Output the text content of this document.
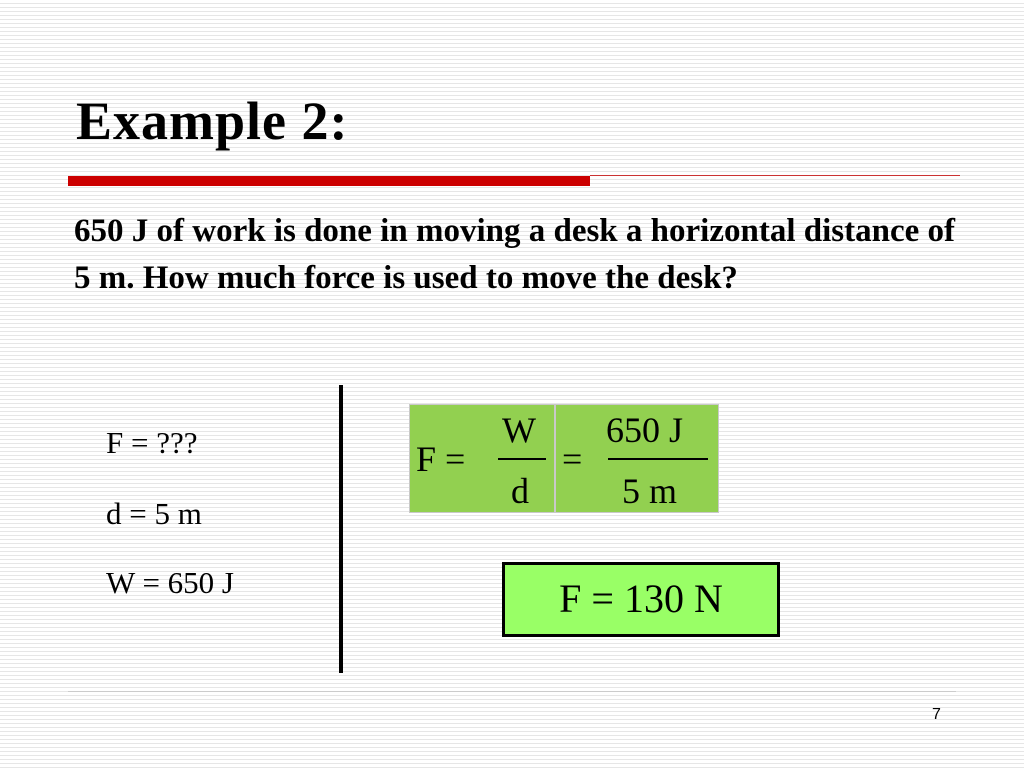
Example 2:
650 J of work is done in moving a desk a horizontal distance of 5 m. How much force is used to move the desk?
F = ???
d = 5 m
W = 650 J
F =
W
d
=
650 J
5 m
F = 130 N
7
